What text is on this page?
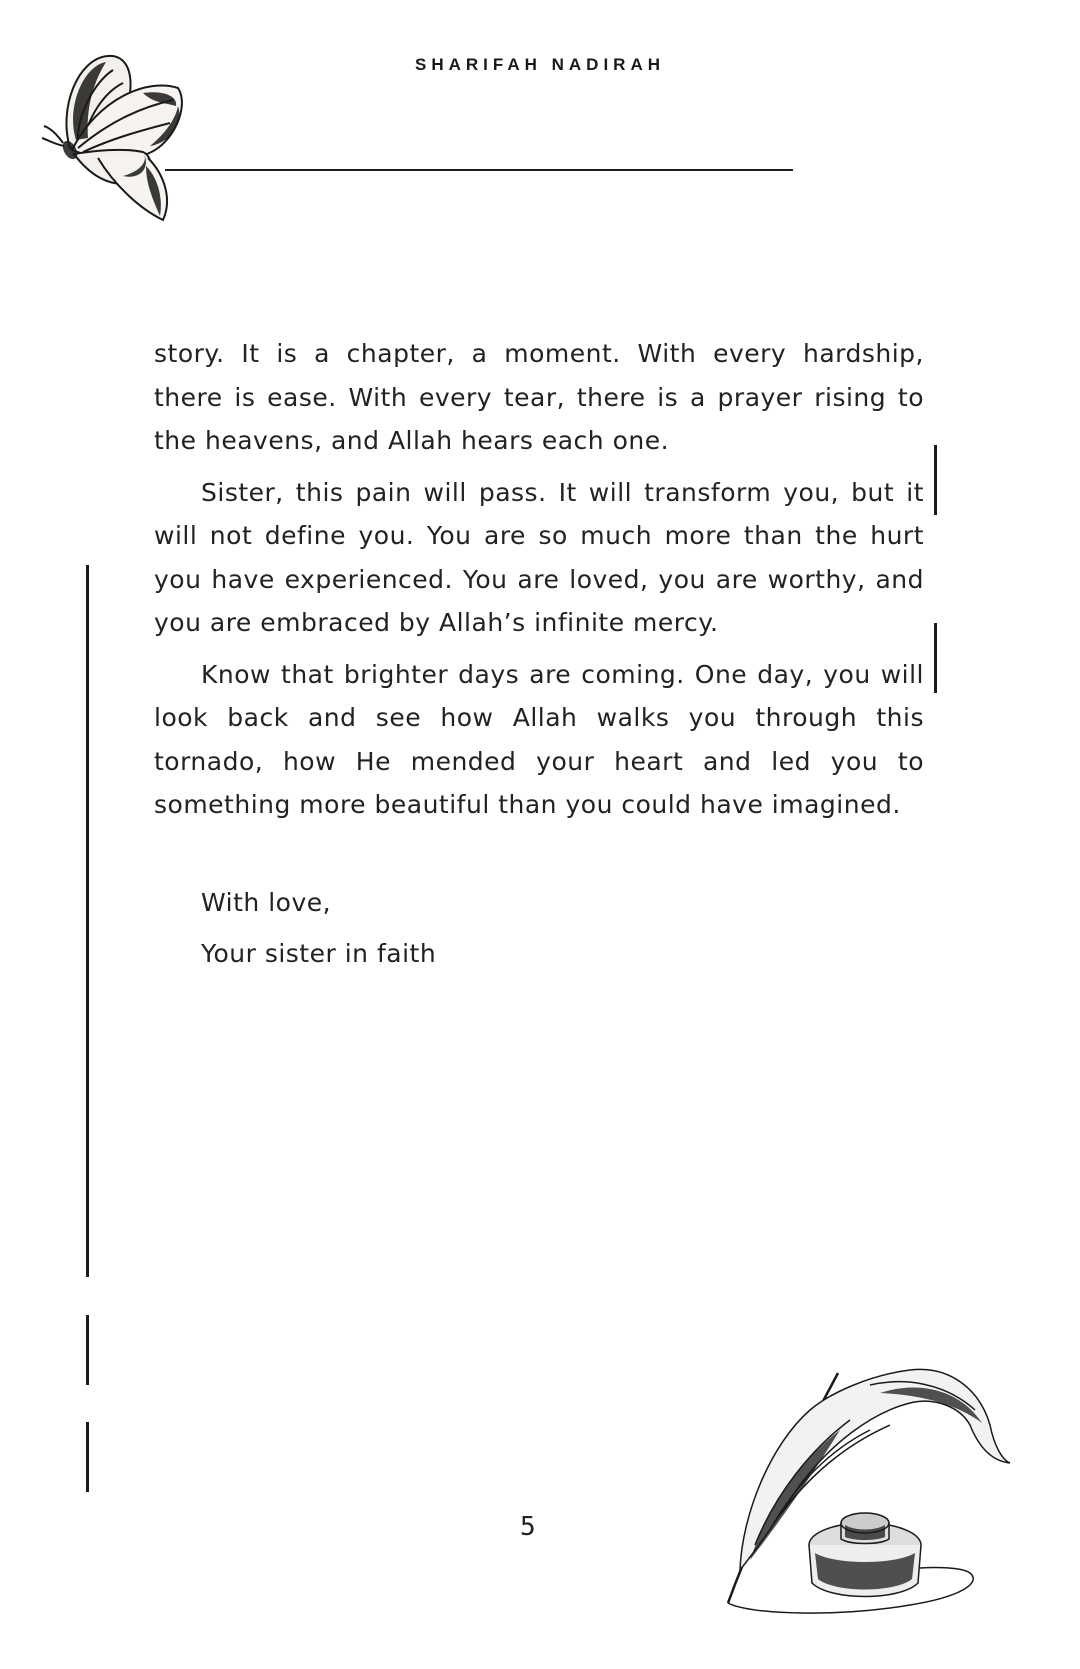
SHARIFAH NADIRAH

story. It is a chapter, a moment. With every hardship, there is ease. With every tear, there is a prayer rising to the heavens, and Allah hears each one.

Sister, this pain will pass. It will transform you, but it will not define you. You are so much more than the hurt you have experienced. You are loved, you are worthy, and you are embraced by Allah’s infinite mercy.

Know that brighter days are coming. One day, you will look back and see how Allah walks you through this tornado, how He mended your heart and led you to something more beautiful than you could have imagined.

With love,
Your sister in faith
5
